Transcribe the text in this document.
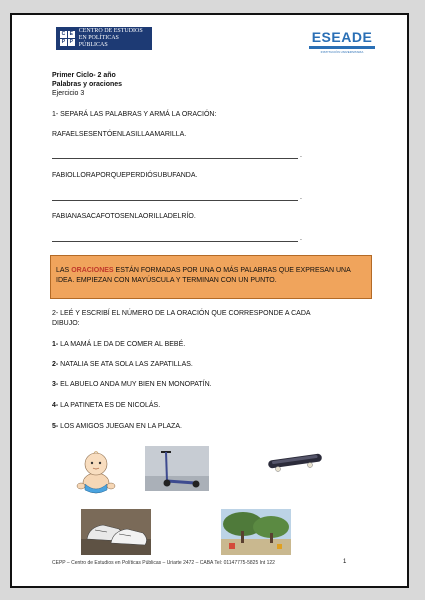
C E
P P
CENTRO DE ESTUDIOS
EN POLÍTICAS PÚBLICAS	ESEADE
INSTITUCIÓN UNIVERSITARIA
Primer Ciclo- 2 año
Palabras y oraciones
Ejercicio 3
1- SEPARÁ LAS PALABRAS Y ARMÁ LA ORACIÓN:
RAFAELSESENTÓENLASILLAAMARILLA.
.
FABIOLLORAPORQUEPERDIÓSUBUFANDA.
.
FABIANASACAFOTOSENLAORILLADELRÍO.
.
LAS ORACIONES ESTÁN FORMADAS POR UNA O MÁS PALABRAS QUE EXPRESAN UNA IDEA. EMPIEZAN CON MAYÚSCULA Y TERMINAN CON UN PUNTO.
2- LEÉ Y ESCRIBÍ EL NÚMERO DE LA ORACIÓN QUE CORRESPONDE A CADA
DIBUJO:
1- LA MAMÁ LE DA DE COMER AL BEBÉ.
2- NATALIA SE ATA SOLA LAS ZAPATILLAS.
3- EL ABUELO ANDA MUY BIEN EN MONOPATÍN.
4- LA PATINETA ES DE NICOLÁS.
5- LOS AMIGOS JUEGAN EN LA PLAZA.
CEPP – Centro de Estudios en Políticas Públicas – Uriarte 2472 – CABA Tel: 01147775-5825 Int 122	1
